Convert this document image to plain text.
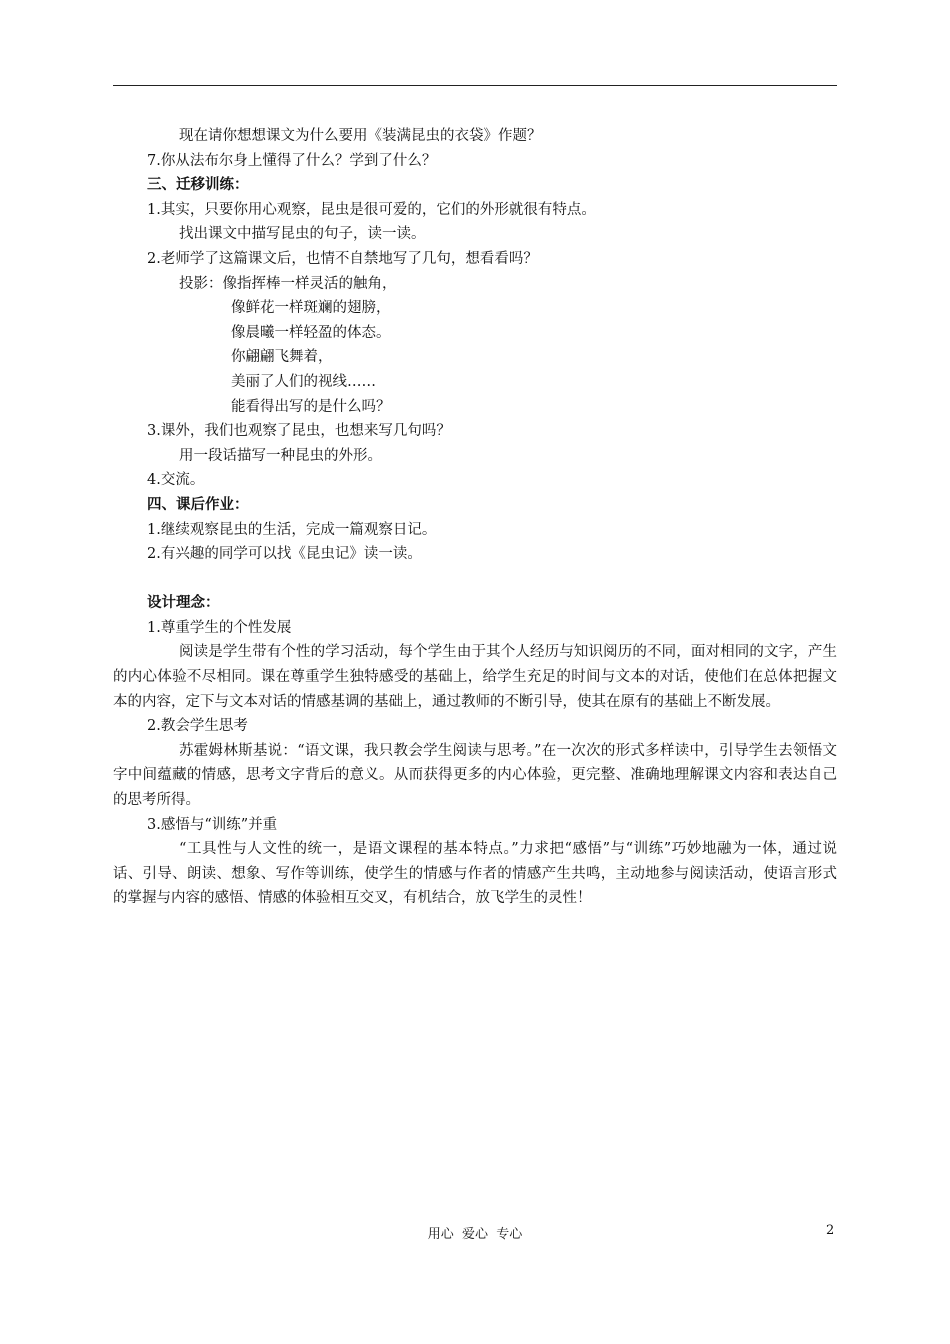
现在请你想想课文为什么要用《装满昆虫的衣袋》作题？
7.你从法布尔身上懂得了什么？学到了什么？
三、迁移训练：
1.其实，只要你用心观察，昆虫是很可爱的，它们的外形就很有特点。
找出课文中描写昆虫的句子，读一读。
2.老师学了这篇课文后，也情不自禁地写了几句，想看看吗？
投影：像指挥棒一样灵活的触角，
像鲜花一样斑斓的翅膀，
像晨曦一样轻盈的体态。
你翩翩飞舞着，
美丽了人们的视线……
能看得出写的是什么吗？
3.课外，我们也观察了昆虫，也想来写几句吗？
用一段话描写一种昆虫的外形。
4.交流。
四、课后作业：
1.继续观察昆虫的生活，完成一篇观察日记。
2.有兴趣的同学可以找《昆虫记》读一读。
设计理念：
1.尊重学生的个性发展

阅读是学生带有个性的学习活动，每个学生由于其个人经历与知识阅历的不同，面对相同的文字，产生的内心体验不尽相同。课在尊重学生独特感受的基础上，给学生充足的时间与文本的对话，使他们在总体把握文本的内容，定下与文本对话的情感基调的基础上，通过教师的不断引导，使其在原有的基础上不断发展。

2.教会学生思考

苏霍姆林斯基说：“语文课，我只教会学生阅读与思考。”在一次次的形式多样读中，引导学生去领悟文字中间蕴藏的情感，思考文字背后的意义。从而获得更多的内心体验，更完整、准确地理解课文内容和表达自己的思考所得。

3.感悟与“训练”并重

“工具性与人文性的统一，是语文课程的基本特点。”力求把“感悟”与“训练”巧妙地融为一体，通过说话、引导、朗读、想象、写作等训练，使学生的情感与作者的情感产生共鸣，主动地参与阅读活动，使语言形式的掌握与内容的感悟、情感的体验相互交叉，有机结合，放飞学生的灵性！

用心  爱心  专心	2
